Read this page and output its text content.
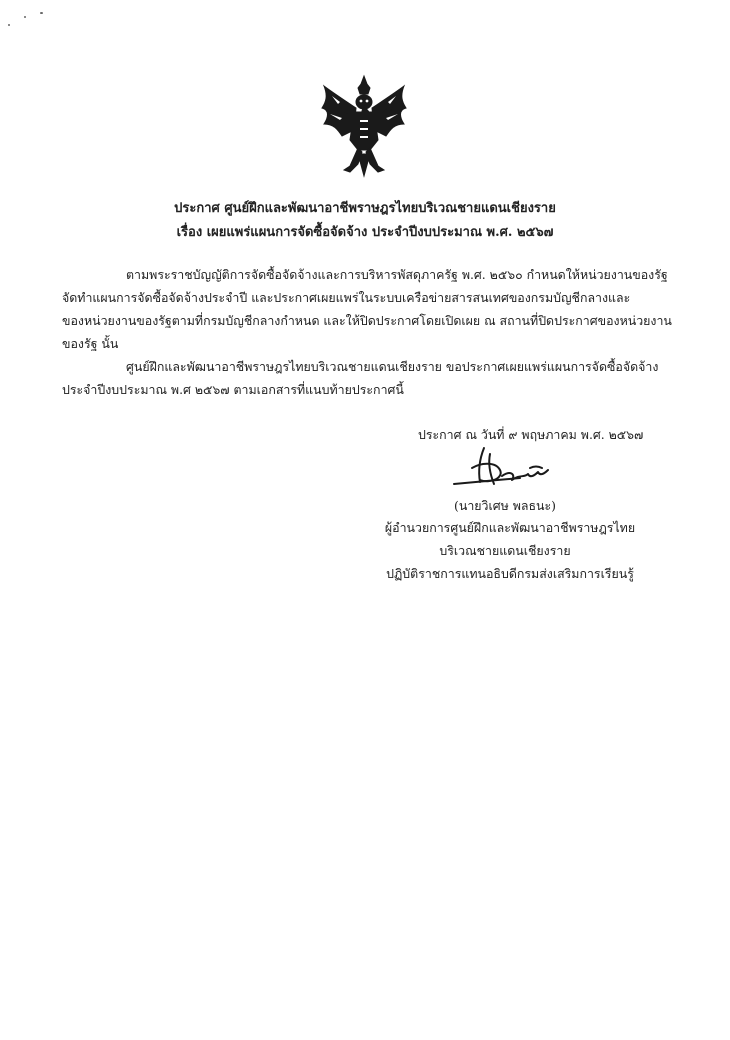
ประกาศ ศูนย์ฝึกและพัฒนาอาชีพราษฎรไทยบริเวณชายแดนเชียงราย
เรื่อง เผยแพร่แผนการจัดซื้อจัดจ้าง ประจำปีงบประมาณ พ.ศ. ๒๕๖๗
ตามพระราชบัญญัติการจัดซื้อจัดจ้างและการบริหารพัสดุภาครัฐ พ.ศ. ๒๕๖๐ กำหนดให้หน่วยงานของรัฐ
จัดทำแผนการจัดซื้อจัดจ้างประจำปี และประกาศเผยแพร่ในระบบเครือข่ายสารสนเทศของกรมบัญชีกลางและ
ของหน่วยงานของรัฐตามที่กรมบัญชีกลางกำหนด และให้ปิดประกาศโดยเปิดเผย ณ สถานที่ปิดประกาศของหน่วยงาน
ของรัฐ นั้น
ศูนย์ฝึกและพัฒนาอาชีพราษฎรไทยบริเวณชายแดนเชียงราย ขอประกาศเผยแพร่แผนการจัดซื้อจัดจ้าง
ประจำปีงบประมาณ พ.ศ ๒๕๖๗ ตามเอกสารที่แนบท้ายประกาศนี้
ประกาศ ณ วันที่ ๙ พฤษภาคม พ.ศ. ๒๕๖๗
(นายวิเศษ พลธนะ)
ผู้อำนวยการศูนย์ฝึกและพัฒนาอาชีพราษฎรไทย
บริเวณชายแดนเชียงราย
ปฏิบัติราชการแทนอธิบดีกรมส่งเสริมการเรียนรู้
